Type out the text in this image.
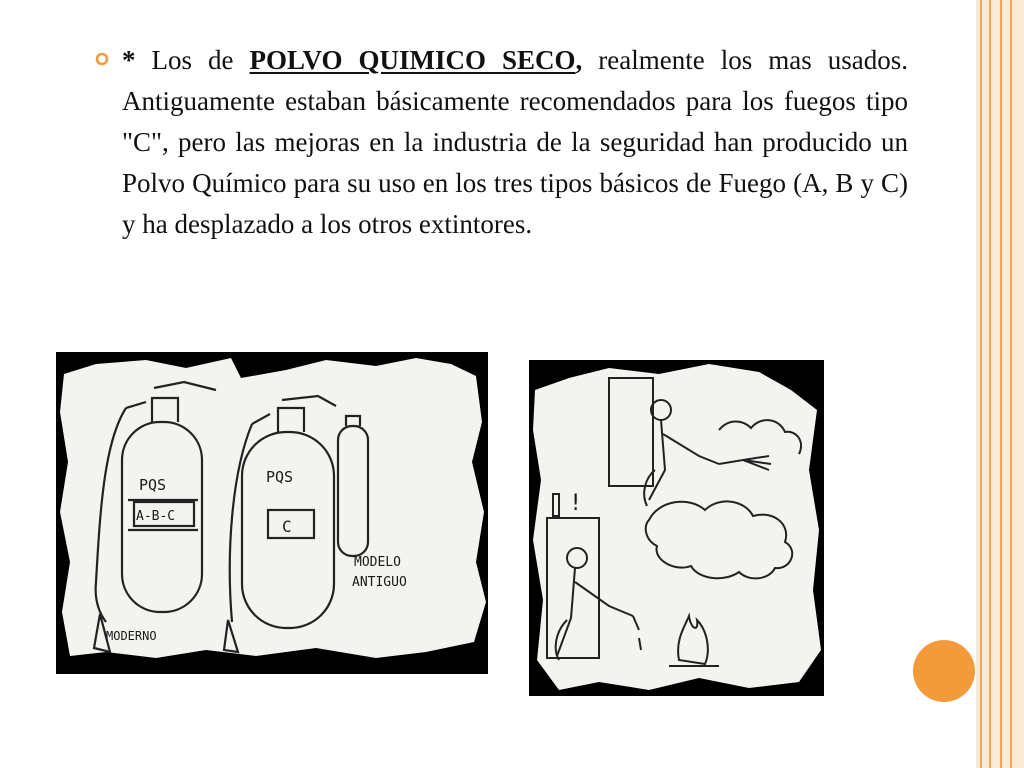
* Los de POLVO QUIMICO SECO, realmente los mas usados. Antiguamente estaban básicamente recomendados para los fuegos tipo "C", pero las mejoras en la industria de la seguridad han producido un Polvo Químico para su uso en los tres tipos básicos de Fuego (A, B y C) y ha desplazado a los otros extintores.
PQS
A-B-C
PQS
C
MODELO
ANTIGUO
MODERNO
!
